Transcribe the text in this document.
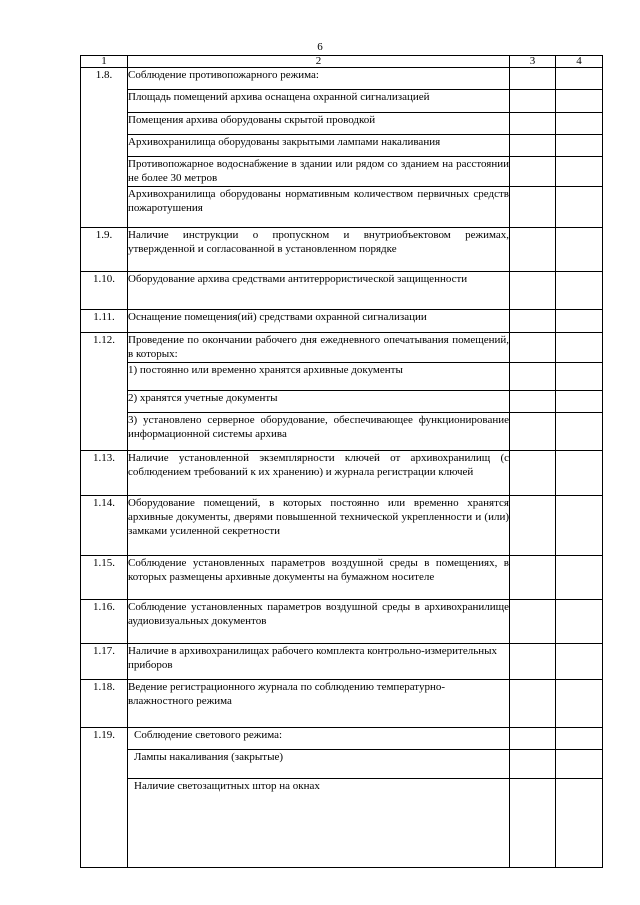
6
1	2	3	4
1.8.	Соблюдение противопожарного режима:		
	Площадь помещений архива оснащена охранной сигнализацией		
	Помещения архива оборудованы скрытой проводкой		
	Архивохранилища оборудованы закрытыми лампами накаливания		
	Противопожарное водоснабжение в здании или рядом со зданием на расстоянии не более 30 метров		
	Архивохранилища оборудованы нормативным количеством первичных средств пожаротушения		
1.9.	Наличие инструкции о пропускном и внутриобъектовом режимах, утвержденной и согласованной в установленном порядке		
1.10.	Оборудование архива средствами антитеррористической защищенности		
1.11.	Оснащение помещения(ий) средствами охранной сигнализации		
1.12.	Проведение по окончании рабочего дня ежедневного опечатывания помещений, в которых:		
	1) постоянно или временно хранятся архивные документы		
	2) хранятся учетные документы		
	3) установлено серверное оборудование, обеспечивающее функционирование информационной системы архива		
1.13.	Наличие установленной экземплярности ключей от архивохранилищ (с соблюдением требований к их хранению) и журнала регистрации ключей		
1.14.	Оборудование помещений, в которых постоянно или временно хранятся архивные документы, дверями повышенной технической укрепленности и (или) замками усиленной секретности		
1.15.	Соблюдение установленных параметров воздушной среды в помещениях, в которых размещены архивные документы на бумажном носителе		
1.16.	Соблюдение установленных параметров воздушной среды в архивохранилище аудиовизуальных документов		
1.17.	Наличие в архивохранилищах рабочего комплекта контрольно-измерительных приборов		
1.18.	Ведение регистрационного журнала по соблюдению температурно-влажностного режима		
1.19.	Соблюдение светового режима:		
	Лампы накаливания (закрытые)		
	Наличие светозащитных штор на окнах		
